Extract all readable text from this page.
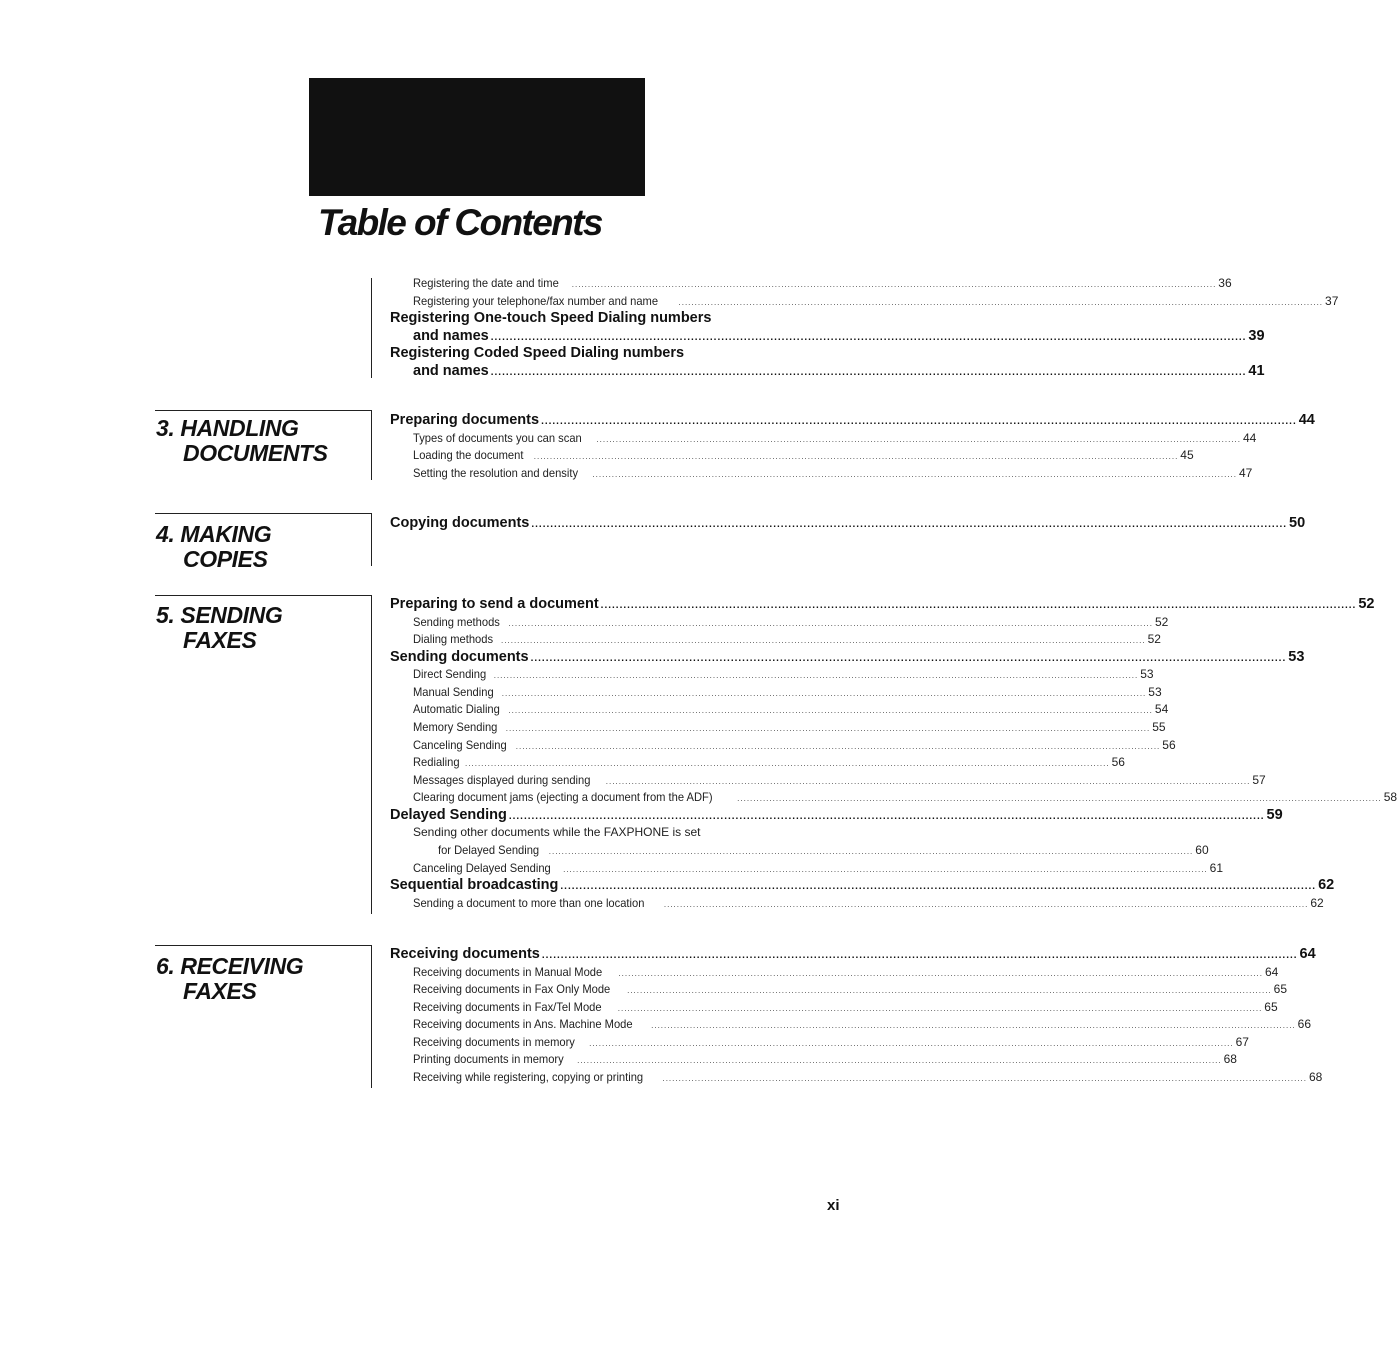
Table of Contents
Registering the date and time ........................................................................................................................................................................................................ 36
Registering your telephone/fax number and name	........................................................................................................................................................................................................ 37
Registering One-touch Speed Dialing numbers
and names ........................................................................................................................................................................................................ 39
Registering Coded Speed Dialing numbers
and names ........................................................................................................................................................................................................ 41
3. HANDLING
DOCUMENTS
Preparing documents ........................................................................................................................................................................................................ 44
Types of documents you can scan ........................................................................................................................................................................................................ 44
Loading the document ........................................................................................................................................................................................................ 45
Setting the resolution and density ........................................................................................................................................................................................................ 47
4. MAKING
COPIES
Copying documents ........................................................................................................................................................................................................ 50
5. SENDING
FAXES
Preparing to send a document ........................................................................................................................................................................................................ 52
Sending methods ........................................................................................................................................................................................................ 52
Dialing methods ........................................................................................................................................................................................................ 52
Sending documents ........................................................................................................................................................................................................ 53
Direct Sending ........................................................................................................................................................................................................ 53
Manual Sending ........................................................................................................................................................................................................ 53
Automatic Dialing ........................................................................................................................................................................................................ 54
Memory Sending ........................................................................................................................................................................................................ 55
Canceling Sending ........................................................................................................................................................................................................ 56
Redialing ........................................................................................................................................................................................................ 56
Messages displayed during sending ........................................................................................................................................................................................................ 57
Clearing document jams (ejecting a document from the ADF)	........................................................................................................................................................................................................ 58
Delayed Sending ........................................................................................................................................................................................................ 59
Sending other documents while the FAXPHONE is set
for Delayed Sending ........................................................................................................................................................................................................ 60
Canceling Delayed Sending ........................................................................................................................................................................................................ 61
Sequential broadcasting ........................................................................................................................................................................................................ 62
Sending a document to more than one location ........................................................................................................................................................................................................ 62
6. RECEIVING
FAXES
Receiving documents ........................................................................................................................................................................................................ 64
Receiving documents in Manual Mode ........................................................................................................................................................................................................ 64
Receiving documents in Fax Only Mode ........................................................................................................................................................................................................ 65
Receiving documents in Fax/Tel Mode ........................................................................................................................................................................................................ 65
Receiving documents in Ans. Machine Mode ........................................................................................................................................................................................................ 66
Receiving documents in memory ........................................................................................................................................................................................................ 67
Printing documents in memory ........................................................................................................................................................................................................ 68
Receiving while registering, copying or printing ........................................................................................................................................................................................................ 68
xi
